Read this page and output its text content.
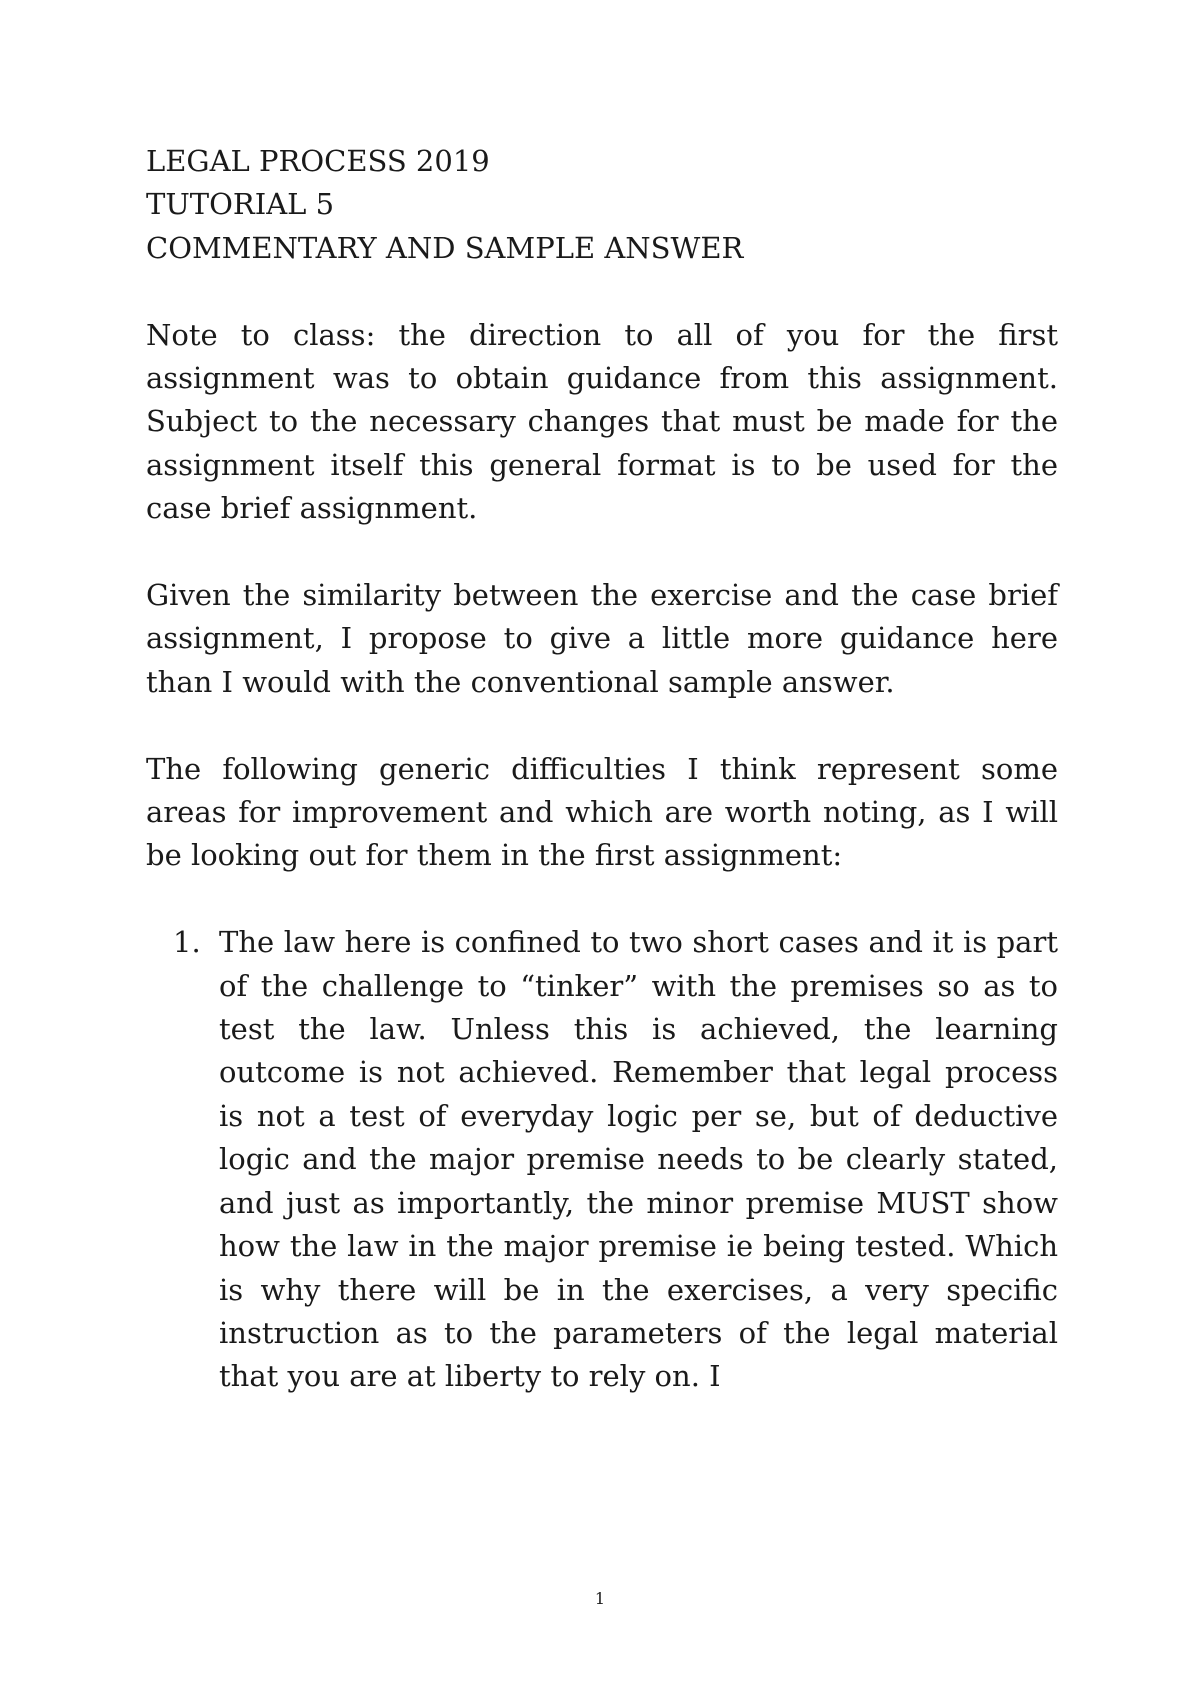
LEGAL PROCESS 2019

TUTORIAL 5

COMMENTARY AND SAMPLE ANSWER

Note to class: the direction to all of you for the first assignment was to obtain guidance from this assignment. Subject to the necessary changes that must be made for the assignment itself this general format is to be used for the case brief assignment.

Given the similarity between the exercise and the case brief assignment, I propose to give a little more guidance here than I would with the conventional sample answer.

The following generic difficulties I think represent some areas for improvement and which are worth noting, as I will be looking out for them in the first assignment:

1. The law here is confined to two short cases and it is part of the challenge to “tinker” with the premises so as to test the law. Unless this is achieved, the learning outcome is not achieved. Remember that legal process is not a test of everyday logic per se, but of deductive logic and the major premise needs to be clearly stated, and just as importantly, the minor premise MUST show how the law in the major premise ie being tested. Which is why there will be in the exercises, a very specific instruction as to the parameters of the legal material that you are at liberty to rely on. I
1
